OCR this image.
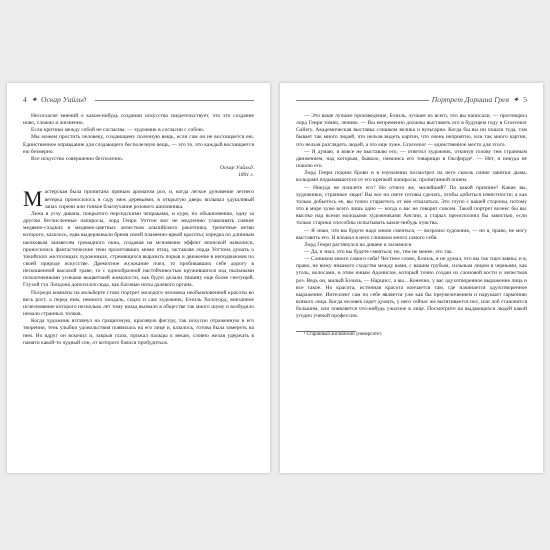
4 ✦ Оскар Уайльд

Несогласие мнений о каком-нибудь создании искусства свидетельствует, что это создание ново, сложно и жизненно.

Если критики между собой не согласны, — художник в согласии с собою.

Мы можем простить человеку, создающему полезную вещь, если сам он не восхищается ею. Единственное оправдание для создающего бесполезную вещь, — это то, что каждый восхищается ею безмерно.

Все искусство совершенно бесполезно.

Оскар Уайльд.

1891 г.

Мастерская была пропитана пряным ароматом роз, и, когда легкое дуновение летнего ветерка проносилось в саду меж деревьями, в открытую дверь вплывал удушливый запах сирени или тонкое благоухание розового шиповника.

Лежа в углу дивана, покрытого персидскими чепраками, и куря, по обыкновению, одну за другою бесчисленные папиросы, лорд Генри Уоттон мог не медлению улавливать сияние медвяно-сладких и медвяно-цветных лепестков альпийского ракитника, трепетные ветви которого, казалось, едва выдерживали бремя своей пламенно-яркой красоты; изредка по длинным шелковым занавесям громадного окна, создавая на мгновение эффект японской живописи, проносились фантастические тени пролетавших мимо птиц, заставляя лорда Уоттона думать о токийских желтолицых художниках, стремящихся выразить порыв и движение в неподвижном по своей природе искусстве. Дремотное жужжание пчел, то пробивавших себе дорогу в нескошенной высокой траве, то с однообразной настойчивостью кружившихся над пыльными позолоченными усиками выцветшей жимолости, как будто делали тишину еще более гнетущей. Глухой гул Лондона доносился сюда, как басовые ноты далекого органа.

Посреди комнаты на мольберте стоял портрет молодого человека необыкновенной красоты во весь рост, а перед ним, немного поодаль, сидел и сам художник, Бэзиль Холлуорд, внезапное исчезновение которого несколько лет тому назад вызвало в обществе так много шуму и возбудило немало странных толков.

Когда художник взглянул на грациозную, красивую фигуру, так искусно отраженную в его творении, тень улыбки удовольствия появилась на его лице и, казалось, готова была замереть на нем. Но вдруг он вскочил и, закрыв глаза, прижал пальцы к векам, словно желая удержать в памяти какой-то чудный сон, от которого боялся пробудиться.

Портрет Дориана Грея ✦ 5

— Это ваше лучшее произведение, Бэзиль, лучшее из всего, что вы написали, — проговорил лорд Генри томно, лениво. — Вы непременно должны выставить его в будущем году в Grosvenor Gallery. Академическая выставка слишком велика и вульгарна. Когда бы вы ни пошли туда, там бывает так много людей, что нельзя видеть картин, что очень неприятно, или так много картин, что нельзя разглядеть людей, а это еще хуже. Grosvenor — единственное место для этого.

— Я думаю, я вовсе не выставлю его, — ответил художник, откинув голову тем странным движением, над которым, бывало, смеялись его товарищи в Оксфорде¹. — Нет, я никуда не пошлю его.

Лорд Генри поднял брови и в изумлении посмотрел на него сквозь синие завитки дыма, кольцами подымавшегося от его крепкой папиросы, пропитанной опием.

— Никуда не пошлете его? Но отчего же, милейший? По какой причине? Какие вы, художники, странные люди! Вы все на свете готовы сделать, чтобы добиться известности; а как только добьетесь ее, вы точно стараетесь от нее отказаться. Это глупо с вашей стороны, потому что в мире хуже всего лишь одно — когда о вас не говорят совсем. Такой портрет вознес бы вас высоко над всеми молодыми художниками Англии, а старых преисполнил бы завистью, если только старики способны испытывать какие-нибудь чувства.

— Я знаю, что вы будете надо мною смеяться, — возразил художник, — но я, право, не могу выставить его. Я вложил в него слишком много самого себя.

Лорд Генри растянулся на диване и засмеялся.

— Да, я знал, что вы будете смеяться; но, тем не менее, это так.

— Слишком много самого себя! Честное слово, Бэзиль, я не думал, что вы так тщеславны; и я, право, не вижу никакого сходства между вами, с вашим грубым, сильным лицом и черными, как уголь, волосами, и этим юным Адонисом, который точно создан из слоновой кости и лепестков роз. Ведь он, милый Бэзиль, — Нарцисс, а вы... Конечно, у вас одухотворенное выражение лица и все такое. Но красота, истинная красота кончается там, где начинается одухотворенное выражение. Интеллект сам по себе является уже как бы преувеличением и нарушает гармонию всякого лица. Когда человек сядет думать, у него сейчас же вытягивается нос, или лоб становится большим, или появляется что-нибудь ужасное в лице. Посмотрите на выдающихся людей какой угодно ученой профессии.

¹ Старинный английский университет.
